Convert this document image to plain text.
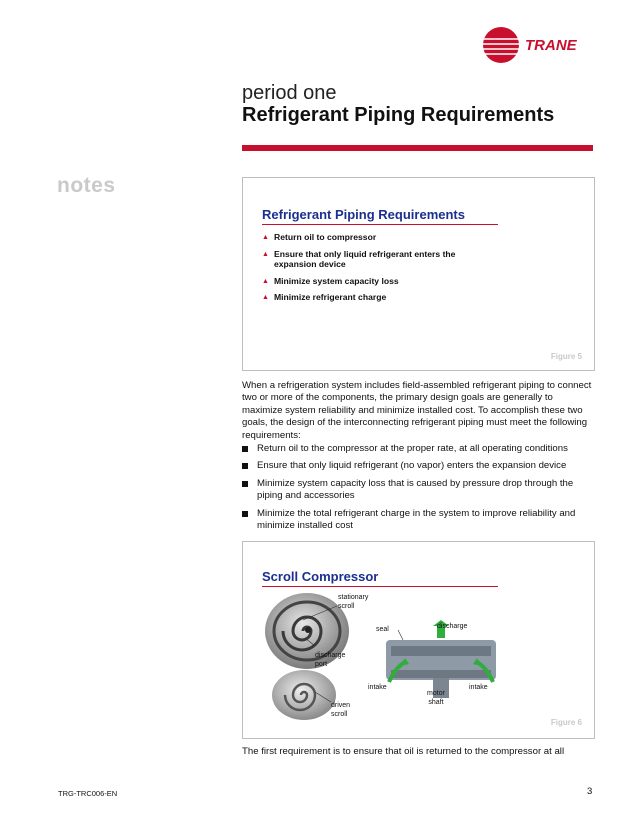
TRANE
period one
Refrigerant Piping Requirements
notes
Refrigerant Piping Requirements
▲ Return oil to compressor
▲ Ensure that only liquid refrigerant enters the expansion device
▲ Minimize system capacity loss
▲ Minimize refrigerant charge
Figure 5

When a refrigeration system includes field-assembled refrigerant piping to connect two or more of the components, the primary design goals are generally to maximize system reliability and minimize installed cost. To accomplish these two goals, the design of the interconnecting refrigerant piping must meet the following requirements:

Return oil to the compressor at the proper rate, at all operating conditions
Ensure that only liquid refrigerant (no vapor) enters the expansion device
Minimize system capacity loss that is caused by pressure drop through the piping and accessories
Minimize the total refrigerant charge in the system to improve reliability and minimize installed cost
Scroll Compressor
stationary scroll
discharge port
driven scroll
seal	discharge
intake	intake
motor shaft
Figure 6
The first requirement is to ensure that oil is returned to the compressor at all
TRG-TRC006-EN	3
